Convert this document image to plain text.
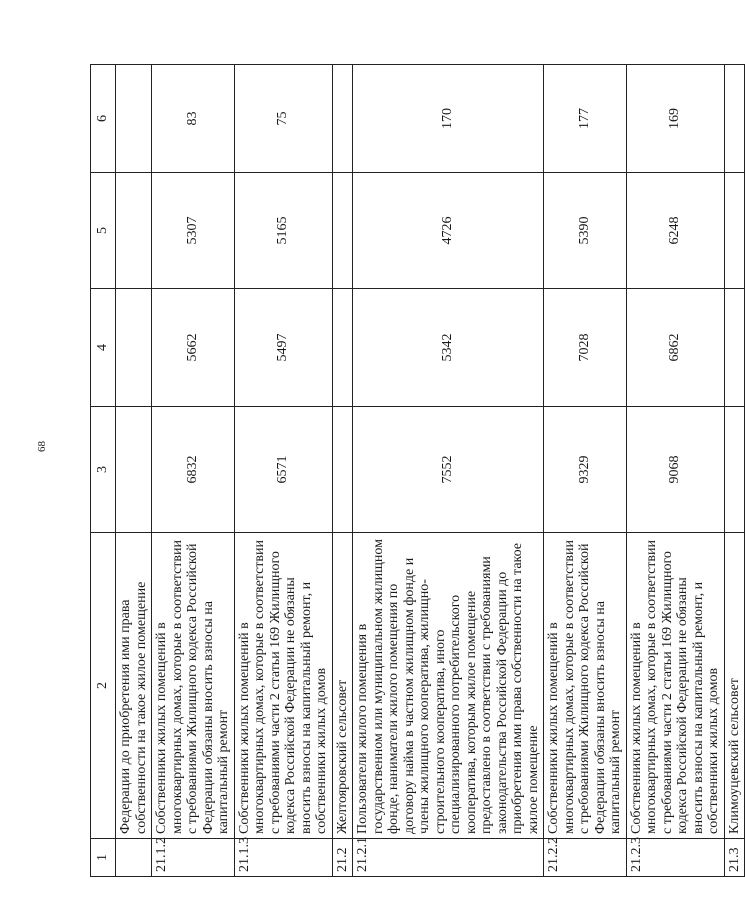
68
1	2	3	4	5	6
	Федерации до приобретения ими права собственности на такое жилое помещение				
21.1.2	Собственники жилых помещений в многоквартирных домах, которые в соответствии с требованиями Жилищного кодекса Российской Федерации обязаны вносить взносы на капитальный ремонт	6832	5662	5307	83
21.1.3	Собственники жилых помещений в многоквартирных домах, которые в соответствии с требованиями части 2 статьи 169 Жилищного кодекса Российской Федерации не обязаны вносить взносы на капитальный ремонт, и собственники жилых домов	6571	5497	5165	75
21.2	Желтояровский сельсовет				
21.2.1	Пользователи жилого помещения в государственном или муниципальном жилищном фонде, наниматели жилого помещения по договору найма в частном жилищном фонде и члены жилищного кооператива, жилищно-строительного кооператива, иного специализированного потребительского кооператива, которым жилое помещение предоставлено в соответствии с требованиями законодательства Российской Федерации до приобретения ими права собственности на такое жилое помещение	7552	5342	4726	170
21.2.2	Собственники жилых помещений в многоквартирных домах, которые в соответствии с требованиями Жилищного кодекса Российской Федерации обязаны вносить взносы на капитальный ремонт	9329	7028	5390	177
21.2.3	Собственники жилых помещений в многоквартирных домах, которые в соответствии с требованиями части 2 статьи 169 Жилищного кодекса Российской Федерации не обязаны вносить взносы на капитальный ремонт, и собственники жилых домов	9068	6862	6248	169
21.3	Климоуцевский сельсовет				
